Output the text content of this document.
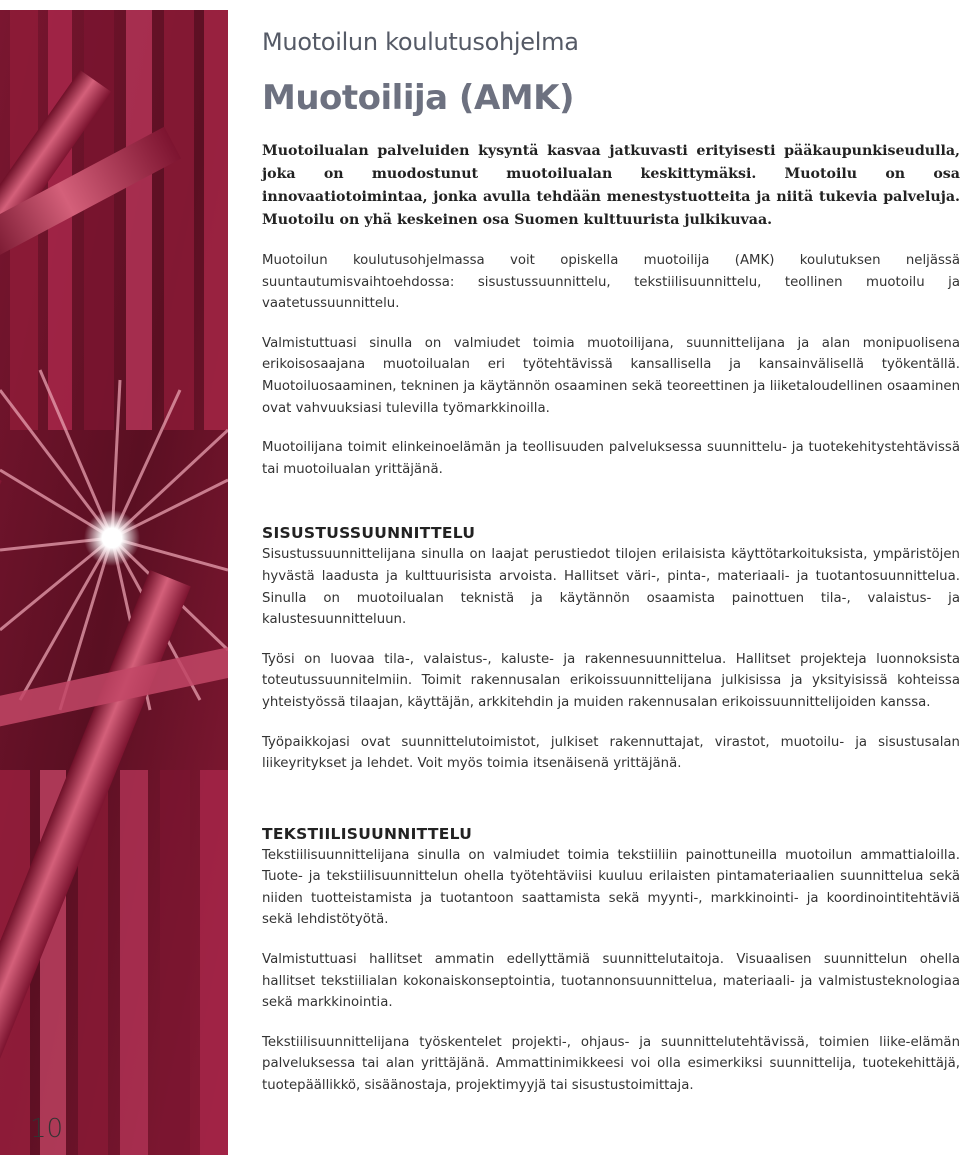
10
Muotoilun koulutusohjelma
Muotoilija (AMK)

Muotoilualan palveluiden kysyntä kasvaa jatkuvasti erityisesti pääkaupunkiseudulla, joka on muodostunut muotoilualan keskittymäksi. Muotoilu on osa innovaatiotoimintaa, jonka avulla tehdään menestystuotteita ja niitä tukevia palveluja. Muotoilu on yhä keskeinen osa Suomen kulttuurista julkikuvaa.

Muotoilun koulutusohjelmassa voit opiskella muotoilija (AMK) koulutuksen neljässä suuntautumisvaihtoehdossa: sisustussuunnittelu, tekstiilisuunnittelu, teollinen muotoilu ja vaatetussuunnittelu.

Valmistuttuasi sinulla on valmiudet toimia muotoilijana, suunnittelijana ja alan monipuolisena erikoisosaajana muotoilualan eri työtehtävissä kansallisella ja kansainvälisellä työkentällä. Muotoiluosaaminen, tekninen ja käytännön osaaminen sekä teoreettinen ja liiketaloudellinen osaaminen ovat vahvuuksiasi tulevilla työmarkkinoilla.

Muotoilijana toimit elinkeinoelämän ja teollisuuden palveluksessa suunnittelu- ja tuotekehitystehtävissä tai muotoilualan yrittäjänä.

SISUSTUSSUUNNITTELU

Sisustussuunnittelijana sinulla on laajat perustiedot tilojen erilaisista käyttötarkoituksista, ympäristöjen hyvästä laadusta ja kulttuurisista arvoista. Hallitset väri-, pinta-, materiaali- ja tuotantosuunnittelua. Sinulla on muotoilualan teknistä ja käytännön osaamista painottuen tila-, valaistus- ja kalustesuunnitteluun.

Työsi on luovaa tila-, valaistus-, kaluste- ja rakennesuunnittelua. Hallitset projekteja luonnoksista toteutussuunnitelmiin. Toimit rakennusalan erikoissuunnittelijana julkisissa ja yksityisissä kohteissa yhteistyössä tilaajan, käyttäjän, arkkitehdin ja muiden rakennusalan erikoissuunnittelijoiden kanssa.

Työpaikkojasi ovat suunnittelutoimistot, julkiset rakennuttajat, virastot, muotoilu- ja sisustusalan liikeyritykset ja lehdet. Voit myös toimia itsenäisenä yrittäjänä.

TEKSTIILISUUNNITTELU

Tekstiilisuunnittelijana sinulla on valmiudet toimia tekstiiliin painottuneilla muotoilun ammattialoilla. Tuote- ja tekstiilisuunnittelun ohella työtehtäviisi kuuluu erilaisten pintamateriaalien suunnittelua sekä niiden tuotteistamista ja tuotantoon saattamista sekä myynti-, markkinointi- ja koordinointitehtäviä sekä lehdistötyötä.

Valmistuttuasi hallitset ammatin edellyttämiä suunnittelutaitoja. Visuaalisen suunnittelun ohella hallitset tekstiilialan kokonaiskonseptointia, tuotannonsuunnittelua, materiaali- ja valmistusteknologiaa sekä markkinointia.

Tekstiilisuunnittelijana työskentelet projekti-, ohjaus- ja suunnittelutehtävissä, toimien liike-elämän palveluksessa tai alan yrittäjänä. Ammattinimikkeesi voi olla esimerkiksi suunnittelija, tuotekehittäjä, tuotepäällikkö, sisäänostaja, projektimyyjä tai sisustustoimittaja.
